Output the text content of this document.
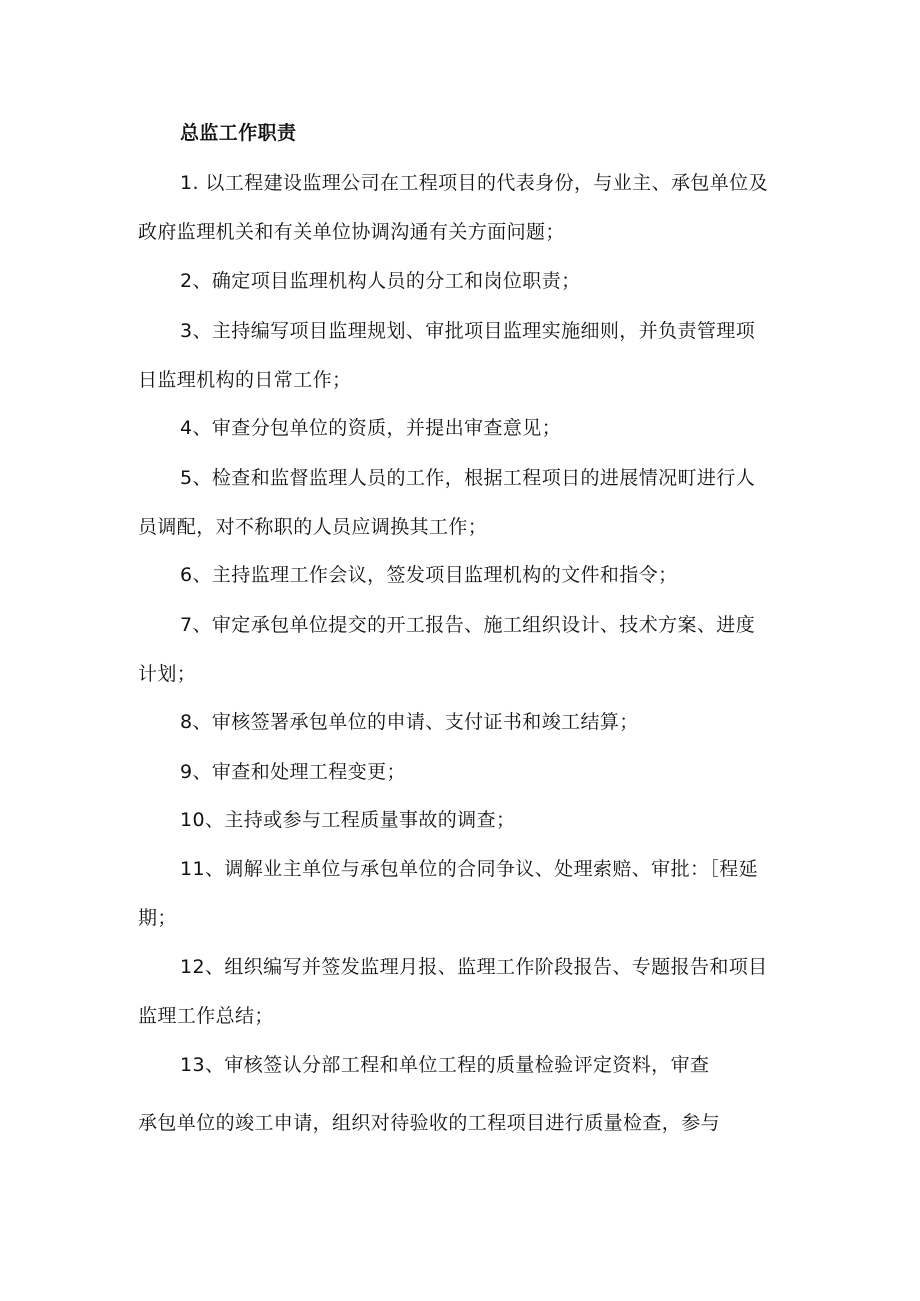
总监工作职责
1. 以工程建设监理公司在工程项目的代表身份，与业主、承包单位及
政府监理机关和有关单位协调沟通有关方面问题；
2、确定项目监理机构人员的分工和岗位职责；
3、主持编写项目监理规划、审批项目监理实施细则，并负责管理项
日监理机构的日常工作；
4、审查分包单位的资质，并提出审查意见；
5、检查和监督监理人员的工作，根据工程项日的进展情况町进行人
员调配，对不称职的人员应调换其工作；
6、主持监理工作会议，签发项目监理机构的文件和指令；
7、审定承包单位提交的开工报告、施工组织设计、技术方案、进度
计划；
8、审核签署承包单位的申请、支付证书和竣工结算；
9、审查和处理工程变更；
10、主持或参与工程质量事故的调查；
11、调解业主单位与承包单位的合同争议、处理索赔、审批：［程延
期；
12、组织编写并签发监理月报、监理工作阶段报告、专题报告和项目
监理工作总结；
13、审核签认分部工程和单位工程的质量检验评定资料，审查
承包单位的竣工申请，组织对待验收的工程项目进行质量检查，参与
